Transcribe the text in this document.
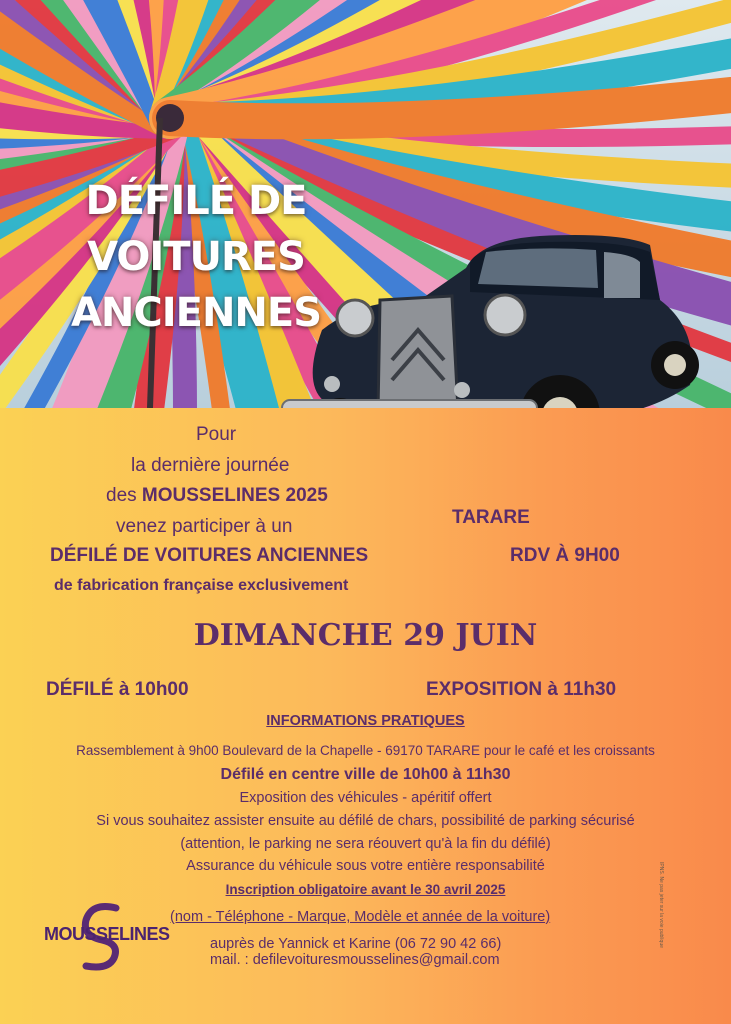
DÉFILÉ DE
VOITURES
ANCIENNES

Pour

la dernière journée

des MOUSSELINES 2025

venez participer à un

DÉFILÉ DE VOITURES ANCIENNES

de fabrication française exclusivement

TARARE

RDV À 9H00

DIMANCHE 29 JUIN

DÉFILÉ à 10h00	EXPOSITION à 11h30

INFORMATIONS PRATIQUES

Rassemblement à 9h00 Boulevard de la Chapelle - 69170 TARARE pour le café et les croissants

Défilé en centre ville de 10h00 à 11h30

Exposition des véhicules - apéritif offert

Si vous souhaitez assister ensuite au défilé de chars, possibilité de parking sécurisé

(attention, le parking ne sera réouvert qu'à la fin du défilé)

Assurance du véhicule sous votre entière responsabilité

Inscription obligatoire avant le 30 avril 2025

(nom - Téléphone - Marque, Modèle et année de la voiture)

auprès de Yannick et Karine (06 72 90 42 66)

mail. : defilevoituresmousselines@gmail.com

MOUSSELINES	IPNS. Ne pas jeter sur la voie publique
